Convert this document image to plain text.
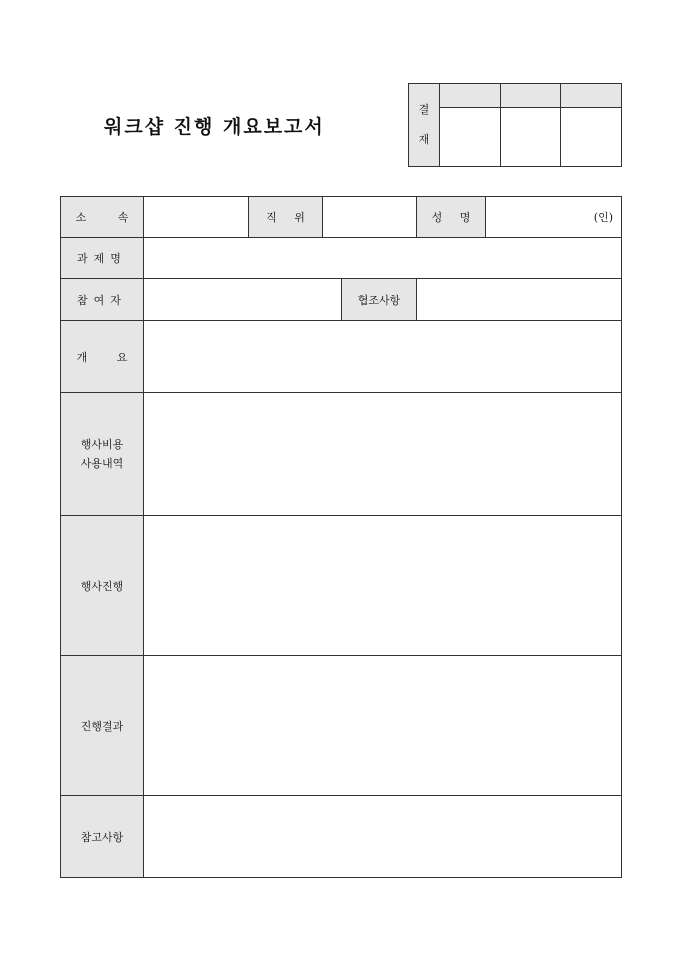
워크샵 진행 개요보고서
결
재			

소 속		직 위			성 명	(인)
과제명						
참여자				협조사항		
개 요						
행사비용
사용내역						
행사진행						
진행결과						
참고사항						
